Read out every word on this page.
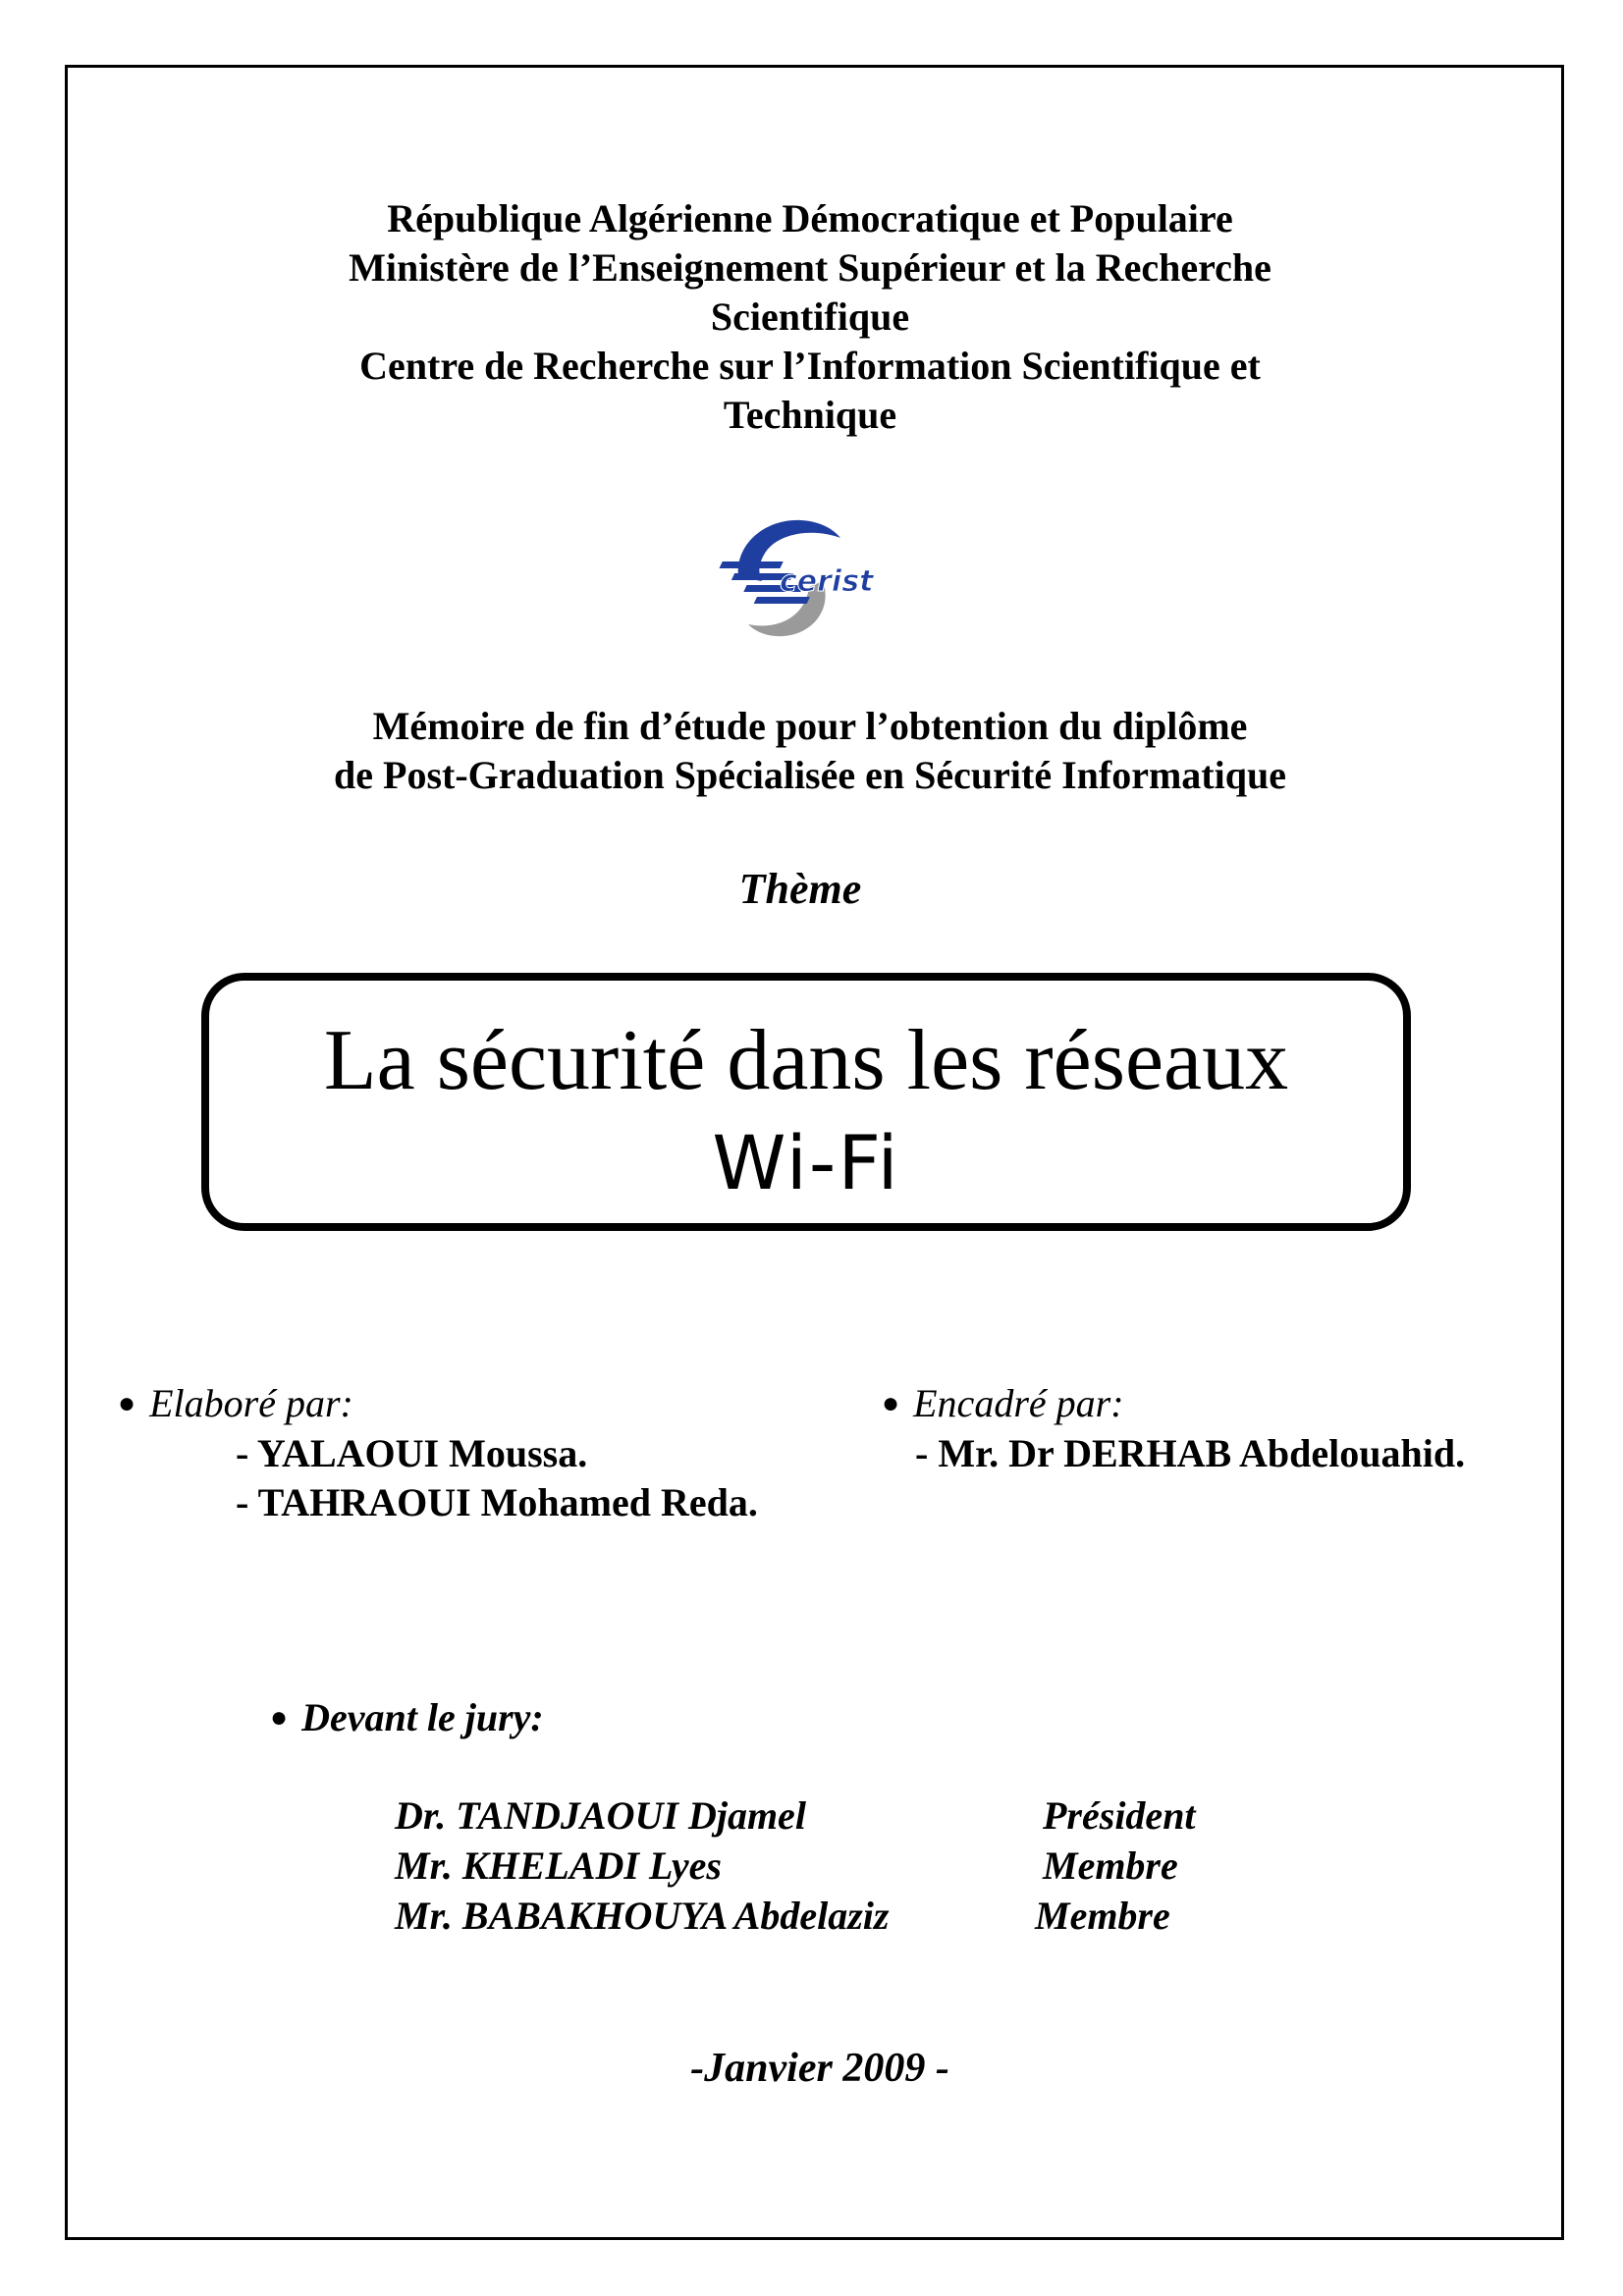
République Algérienne Démocratique et Populaire
Ministère de l’Enseignement Supérieur et la Recherche
Scientifique
Centre de Recherche sur l’Information Scientifique et
Technique
cerist
Mémoire de fin d’étude pour l’obtention du diplôme
de Post-Graduation Spécialisée en Sécurité Informatique
Thème
La sécurité dans les réseaux
Wi-Fi
● Elaboré par:
- YALAOUI Moussa.
- TAHRAOUI Mohamed Reda.
● Encadré par:
- Mr. Dr DERHAB Abdelouahid.
● Devant le jury:
Dr. TANDJAOUI Djamel	Président
Mr. KHELADI Lyes	Membre
Mr. BABAKHOUYA Abdelaziz	Membre
-Janvier 2009 -
